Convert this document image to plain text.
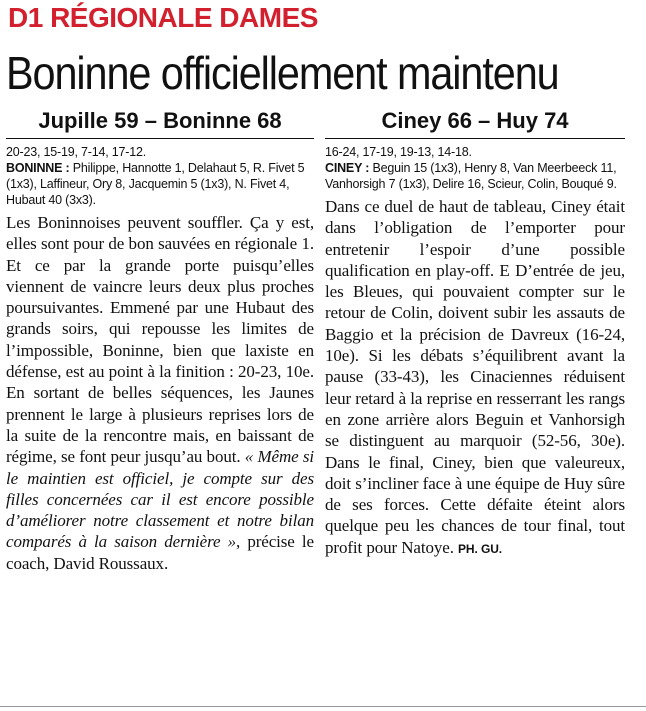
D1 RÉGIONALE DAMES
Boninne officiellement maintenu
Jupille 59 – Boninne 68

20-23, 15-19, 7-14, 17-12.

BONINNE : Philippe, Hannotte 1, Delahaut 5, R. Fivet 5 (1x3), Laffineur, Ory 8, Jacquemin 5 (1x3), N. Fivet 4, Hubaut 40 (3x3).

Les Boninnoises peuvent souffler. Ça y est, elles sont pour de bon sauvées en régionale 1. Et ce par la grande porte puisqu’elles viennent de vaincre leurs deux plus proches poursuivantes. Emmené par une Hubaut des grands soirs, qui repousse les limites de l’impossible, Boninne, bien que laxiste en défense, est au point à la finition : 20-23, 10e. En sortant de belles séquences, les Jaunes prennent le large à plusieurs reprises lors de la suite de la rencontre mais, en baissant de régime, se font peur jusqu’au bout. « Même si le maintien est officiel, je compte sur des filles concernées car il est encore possible d’améliorer notre classement et notre bilan comparés à la saison dernière », précise le coach, David Roussaux.
Ciney 66 – Huy 74

16-24, 17-19, 19-13, 14-18.

CINEY : Beguin 15 (1x3), Henry 8, Van Meerbeeck 11, Vanhorsigh 7 (1x3), Delire 16, Scieur, Colin, Bouqué 9.

Dans ce duel de haut de tableau, Ciney était dans l’obligation de l’emporter pour entretenir l’espoir d’une possible qualification en play-off. E D’entrée de jeu, les Bleues, qui pouvaient compter sur le retour de Colin, doivent subir les assauts de Baggio et la précision de Davreux (16-24, 10e). Si les débats s’équilibrent avant la pause (33-43), les Cinaciennes réduisent leur retard à la reprise en resserrant les rangs en zone arrière alors Beguin et Vanhorsigh se distinguent au marquoir (52-56, 30e). Dans le final, Ciney, bien que valeureux, doit s’incliner face à une équipe de Huy sûre de ses forces. Cette défaite éteint alors quelque peu les chances de tour final, tout profit pour Natoye. PH. GU.
